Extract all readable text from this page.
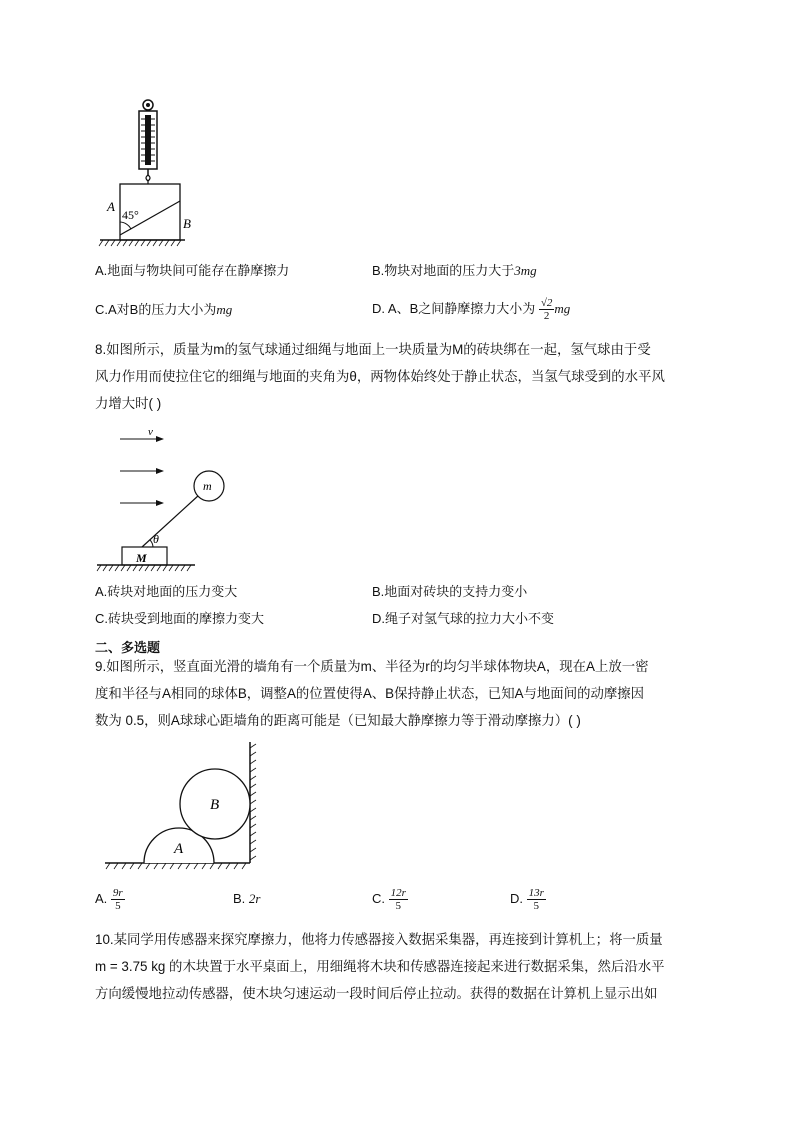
A
45°
B
A.地面与物块间可能存在静摩擦力	B.物块对地面的压力大于3mg
C.A对B的压力大小为mg	D. A、B之间静摩擦力大小为 $\frac{√2}{2}$ mg
8.如图所示，质量为m的氢气球通过细绳与地面上一块质量为M的砖块绑在一起，氢气球由于受
风力作用而使拉住它的细绳与地面的夹角为θ，两物体始终处于静止状态，当氢气球受到的水平风
力增大时( )
v
m
M
θ
A.砖块对地面的压力变大	B.地面对砖块的支持力变小
C.砖块受到地面的摩擦力变大	D.绳子对氢气球的拉力大小不变
二、多选题
9.如图所示，竖直面光滑的墙角有一个质量为m、半径为r的均匀半球体物块A，现在A上放一密
度和半径与A相同的球体B，调整A的位置使得A、B保持静止状态，已知A与地面间的动摩擦因
数为 0.5，则A球球心距墙角的距离可能是（已知最大静摩擦力等于滑动摩擦力）( )
A
B
A. $\frac{9r}{5}$	B. 2r	C. $\frac{12r}{5}$	D. $\frac{13r}{5}$
10.某同学用传感器来探究摩擦力，他将力传感器接入数据采集器，再连接到计算机上；将一质量
m = 3.75 kg 的木块置于水平桌面上，用细绳将木块和传感器连接起来进行数据采集，然后沿水平
方向缓慢地拉动传感器，使木块匀速运动一段时间后停止拉动。获得的数据在计算机上显示出如
